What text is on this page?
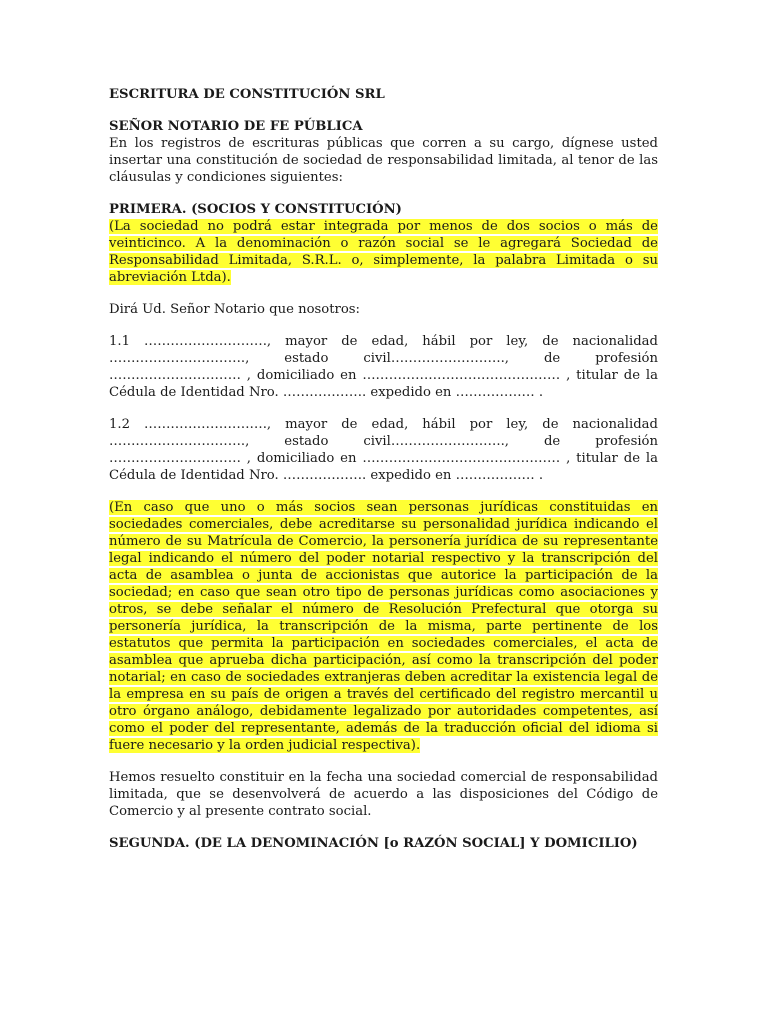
ESCRITURA DE CONSTITUCIÓN SRL

SEÑOR NOTARIO DE FE PÚBLICA

En los registros de escrituras públicas que corren a su cargo, dígnese usted insertar una constitución de sociedad de responsabilidad limitada, al tenor de las cláusulas y condiciones siguientes:

PRIMERA. (SOCIOS Y CONSTITUCIÓN)

(La sociedad no podrá estar integrada por menos de dos socios o más de veinticinco. A la denominación o razón social se le agregará Sociedad de Responsabilidad Limitada, S.R.L. o, simplemente, la palabra Limitada o su abreviación Ltda).

Dirá Ud. Señor Notario que nosotros:

1.1 ………………………., mayor de edad, hábil por ley, de nacionalidad …………………………., estado civil…………………….., de profesión ………………………… , domiciliado en ……………………………………… , titular de la Cédula de Identidad Nro. ………………. expedido en ……………… .

1.2 ………………………., mayor de edad, hábil por ley, de nacionalidad …………………………., estado civil…………………….., de profesión ………………………… , domiciliado en ……………………………………… , titular de la Cédula de Identidad Nro. ………………. expedido en ……………… .

(En caso que uno o más socios sean personas jurídicas constituidas en sociedades comerciales, debe acreditarse su personalidad jurídica indicando el número de su Matrícula de Comercio, la personería jurídica de su representante legal indicando el número del poder notarial respectivo y la transcripción del acta de asamblea o junta de accionistas que autorice la participación de la sociedad; en caso que sean otro tipo de personas jurídicas como asociaciones y otros, se debe señalar el número de Resolución Prefectural que otorga su personería jurídica, la transcripción de la misma, parte pertinente de los estatutos que permita la participación en sociedades comerciales, el acta de asamblea que aprueba dicha participación, así como la transcripción del poder notarial; en caso de sociedades extranjeras deben acreditar la existencia legal de la empresa en su país de origen a través del certificado del registro mercantil u otro órgano análogo, debidamente legalizado por autoridades competentes, así como el poder del representante, además de la traducción oficial del idioma si fuere necesario y la orden judicial respectiva).

Hemos resuelto constituir en la fecha una sociedad comercial de responsabilidad limitada, que se desenvolverá de acuerdo a las disposiciones del Código de Comercio y al presente contrato social.

SEGUNDA. (DE LA DENOMINACIÓN [o RAZÓN SOCIAL] Y DOMICILIO)
